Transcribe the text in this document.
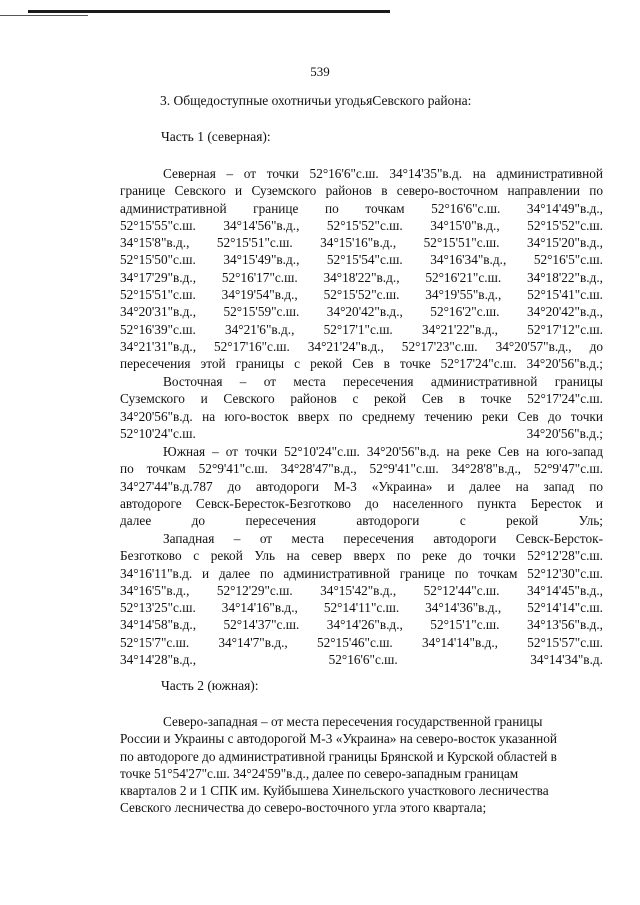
539
3. Общедоступные охотничьи угодьяСевского района:
Часть 1 (северная):
Северная – от точки 52°16'6"с.ш. 34°14'35"в.д. на административной
границе Севского и Суземского районов в северо-восточном направлении по
административной границе по точкам 52°16'6"с.ш. 34°14'49"в.д.,
52°15'55"с.ш. 34°14'56"в.д., 52°15'52"с.ш. 34°15'0"в.д., 52°15'52"с.ш.
34°15'8"в.д., 52°15'51"с.ш. 34°15'16"в.д., 52°15'51"с.ш. 34°15'20"в.д.,
52°15'50"с.ш. 34°15'49"в.д., 52°15'54"с.ш. 34°16'34"в.д., 52°16'5"с.ш.
34°17'29"в.д., 52°16'17"с.ш. 34°18'22"в.д., 52°16'21"с.ш. 34°18'22"в.д.,
52°15'51"с.ш. 34°19'54"в.д., 52°15'52"с.ш. 34°19'55"в.д., 52°15'41"с.ш.
34°20'31"в.д., 52°15'59"с.ш. 34°20'42"в.д., 52°16'2"с.ш. 34°20'42"в.д.,
52°16'39"с.ш. 34°21'6"в.д., 52°17'1"с.ш. 34°21'22"в.д., 52°17'12"с.ш.
34°21'31"в.д., 52°17'16"с.ш. 34°21'24"в.д., 52°17'23"с.ш. 34°20'57"в.д., до
пересечения этой границы с рекой Сев в точке 52°17'24"с.ш. 34°20'56"в.д.;
Восточная – от места пересечения административной границы
Суземского и Севского районов с рекой Сев в точке 52°17'24"с.ш.
34°20'56"в.д. на юго-восток вверх по среднему течению реки Сев до точки
52°10'24"с.ш. 34°20'56"в.д.;
Южная – от точки 52°10'24"с.ш. 34°20'56"в.д. на реке Сев на юго-запад
по точкам 52°9'41"с.ш. 34°28'47"в.д., 52°9'41"с.ш. 34°28'8"в.д., 52°9'47"с.ш.
34°27'44"в.д.787 до автодороги М-3 «Украина» и далее на запад по
автодороге Севск-Бересток-Безготково до населенного пункта Бересток и
далее до пересечения автодороги с рекой Уль;
Западная – от места пересечения автодороги Севск-Берсток-
Безготково с рекой Уль на север вверх по реке до точки 52°12'28"с.ш.
34°16'11"в.д. и далее по административной границе по точкам 52°12'30"с.ш.
34°16'5"в.д., 52°12'29"с.ш. 34°15'42"в.д., 52°12'44"с.ш. 34°14'45"в.д.,
52°13'25"с.ш. 34°14'16"в.д., 52°14'11"с.ш. 34°14'36"в.д., 52°14'14"с.ш.
34°14'58"в.д., 52°14'37"с.ш. 34°14'26"в.д., 52°15'1"с.ш. 34°13'56"в.д.,
52°15'7"с.ш. 34°14'7"в.д., 52°15'46"с.ш. 34°14'14"в.д., 52°15'57"с.ш.
34°14'28"в.д., 52°16'6"с.ш. 34°14'34"в.д.
Часть 2 (южная):
Северо-западная – от места пересечения государственной границы
России и Украины с автодорогой М-3 «Украина» на северо-восток указанной
по автодороге до административной границы Брянской и Курской областей в
точке 51°54'27"с.ш. 34°24'59"в.д., далее по северо-западным границам
кварталов 2 и 1 СПК им. Куйбышева Хинельского участкового лесничества
Севского лесничества до северо-восточного угла этого квартала;
